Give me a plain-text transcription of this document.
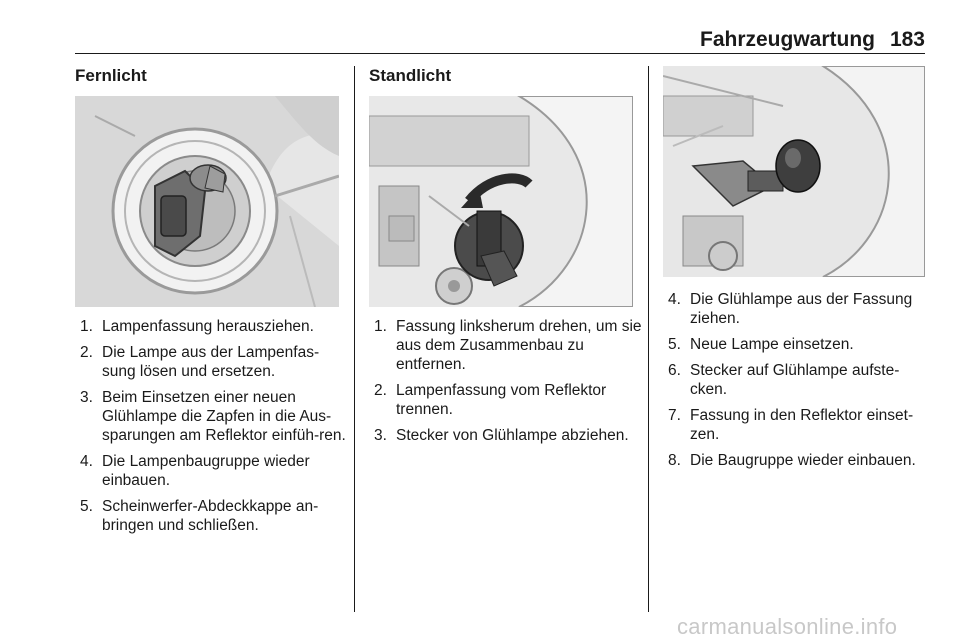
Fahrzeugwartung 183
Fernlicht
1. Lampenfassung herausziehen.
2. Die Lampe aus der Lampenfas-sung lösen und ersetzen.
3. Beim Einsetzen einer neuen Glühlampe die Zapfen in die Aus-sparungen am Reflektor einfüh-ren.
4. Die Lampenbaugruppe wieder einbauen.
5. Scheinwerfer-Abdeckkappe an-bringen und schließen.
Standlicht
1. Fassung linksherum drehen, um sie aus dem Zusammenbau zu entfernen.
2. Lampenfassung vom Reflektor trennen.
3. Stecker von Glühlampe abziehen.
4. Die Glühlampe aus der Fassung ziehen.
5. Neue Lampe einsetzen.
6. Stecker auf Glühlampe aufste-cken.
7. Fassung in den Reflektor einset-zen.
8. Die Baugruppe wieder einbauen.
carmanualsonline.info
